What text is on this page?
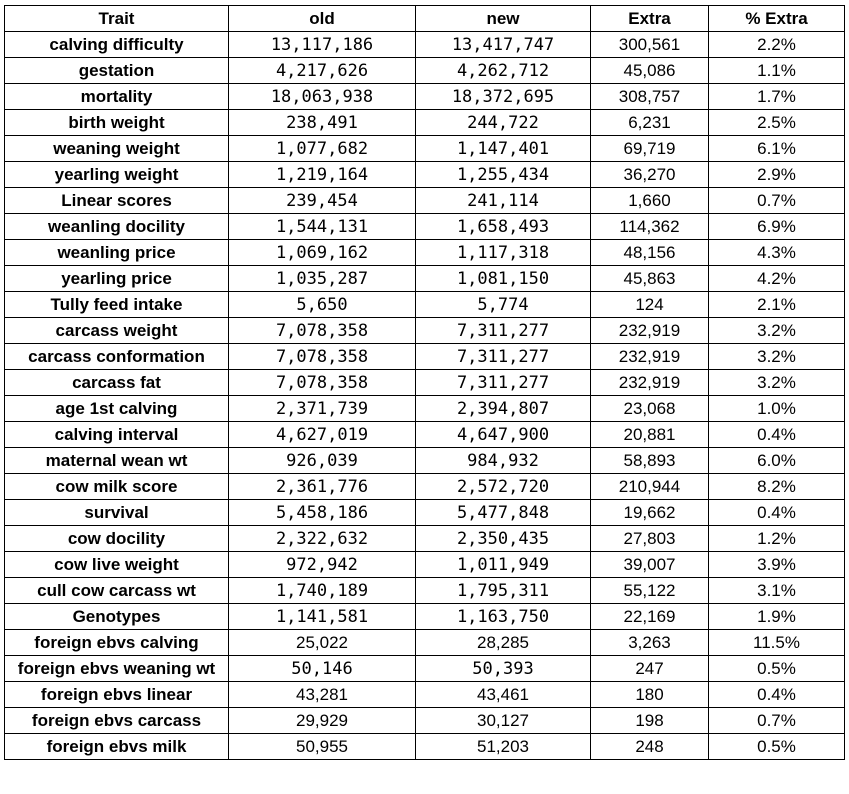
Trait	old	new	Extra	% Extra
calving difficulty	13,117,186	13,417,747	300,561	2.2%
gestation	4,217,626	4,262,712	45,086	1.1%
mortality	18,063,938	18,372,695	308,757	1.7%
birth weight	238,491	244,722	6,231	2.5%
weaning weight	1,077,682	1,147,401	69,719	6.1%
yearling weight	1,219,164	1,255,434	36,270	2.9%
Linear scores	239,454	241,114	1,660	0.7%
weanling docility	1,544,131	1,658,493	114,362	6.9%
weanling price	1,069,162	1,117,318	48,156	4.3%
yearling price	1,035,287	1,081,150	45,863	4.2%
Tully feed intake	5,650	5,774	124	2.1%
carcass weight	7,078,358	7,311,277	232,919	3.2%
carcass conformation	7,078,358	7,311,277	232,919	3.2%
carcass fat	7,078,358	7,311,277	232,919	3.2%
age 1st calving	2,371,739	2,394,807	23,068	1.0%
calving interval	4,627,019	4,647,900	20,881	0.4%
maternal wean wt	926,039	984,932	58,893	6.0%
cow milk score	2,361,776	2,572,720	210,944	8.2%
survival	5,458,186	5,477,848	19,662	0.4%
cow docility	2,322,632	2,350,435	27,803	1.2%
cow live weight	972,942	1,011,949	39,007	3.9%
cull cow carcass wt	1,740,189	1,795,311	55,122	3.1%
Genotypes	1,141,581	1,163,750	22,169	1.9%
foreign ebvs calving	25,022	28,285	3,263	11.5%
foreign ebvs weaning wt	50,146	50,393	247	0.5%
foreign ebvs linear	43,281	43,461	180	0.4%
foreign ebvs carcass	29,929	30,127	198	0.7%
foreign ebvs milk	50,955	51,203	248	0.5%
